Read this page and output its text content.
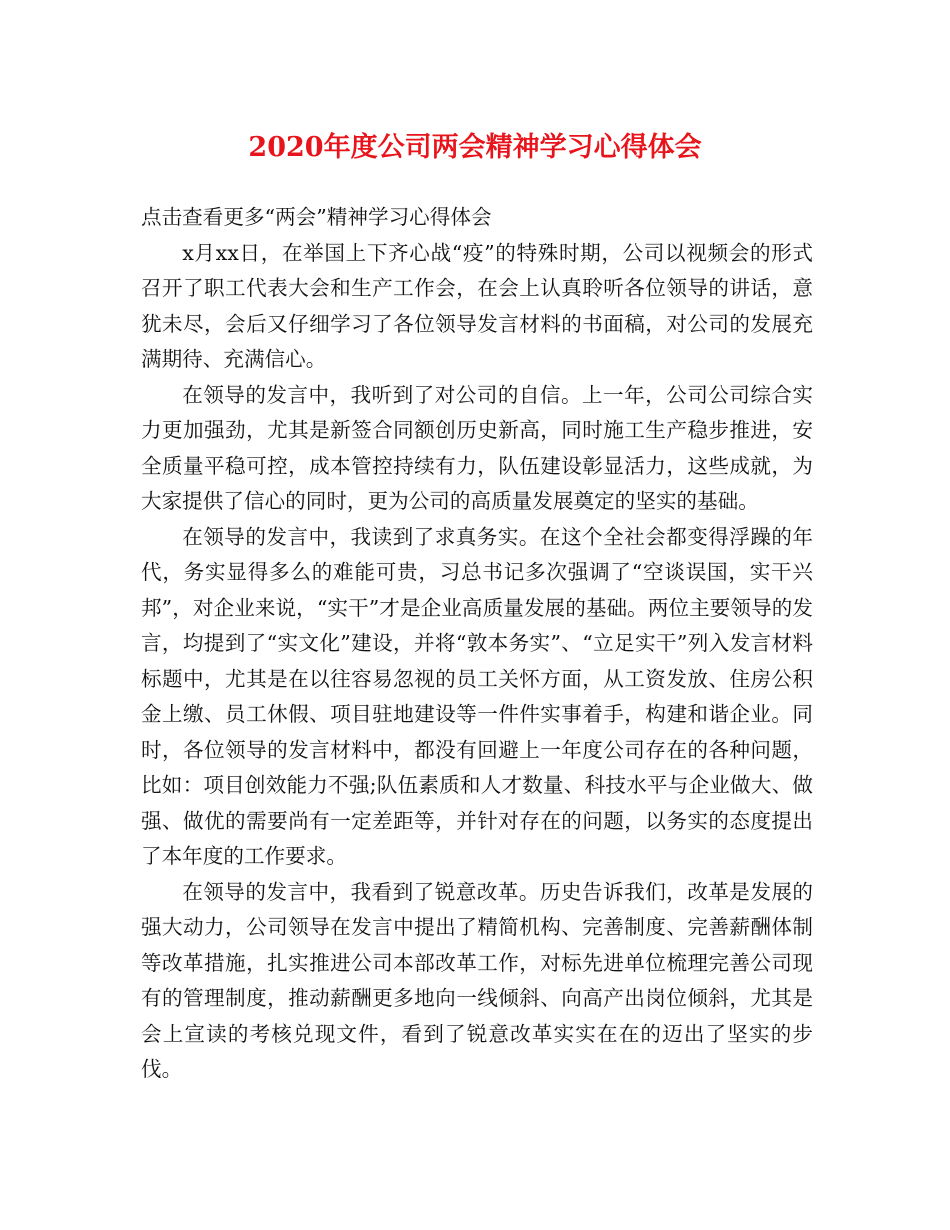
2020年度公司两会精神学习心得体会

点击查看更多“两会”精神学习心得体会

x月xx日，在举国上下齐心战“疫”的特殊时期，公司以视频会的形式召开了职工代表大会和生产工作会，在会上认真聆听各位领导的讲话，意犹未尽，会后又仔细学习了各位领导发言材料的书面稿，对公司的发展充满期待、充满信心。

在领导的发言中，我听到了对公司的自信。上一年，公司公司综合实力更加强劲，尤其是新签合同额创历史新高，同时施工生产稳步推进，安全质量平稳可控，成本管控持续有力，队伍建设彰显活力，这些成就，为大家提供了信心的同时，更为公司的高质量发展奠定的坚实的基础。

在领导的发言中，我读到了求真务实。在这个全社会都变得浮躁的年代，务实显得多么的难能可贵，习总书记多次强调了“空谈误国，实干兴邦”，对企业来说，“实干”才是企业高质量发展的基础。两位主要领导的发言，均提到了“实文化”建设，并将“敦本务实”、“立足实干”列入发言材料标题中，尤其是在以往容易忽视的员工关怀方面，从工资发放、住房公积金上缴、员工休假、项目驻地建设等一件件实事着手，构建和谐企业。同时，各位领导的发言材料中，都没有回避上一年度公司存在的各种问题，比如：项目创效能力不强;队伍素质和人才数量、科技水平与企业做大、做强、做优的需要尚有一定差距等，并针对存在的问题，以务实的态度提出了本年度的工作要求。

在领导的发言中，我看到了锐意改革。历史告诉我们，改革是发展的强大动力，公司领导在发言中提出了精简机构、完善制度、完善薪酬体制等改革措施，扎实推进公司本部改革工作，对标先进单位梳理完善公司现有的管理制度，推动薪酬更多地向一线倾斜、向高产出岗位倾斜，尤其是会上宣读的考核兑现文件，看到了锐意改革实实在在的迈出了坚实的步伐。
